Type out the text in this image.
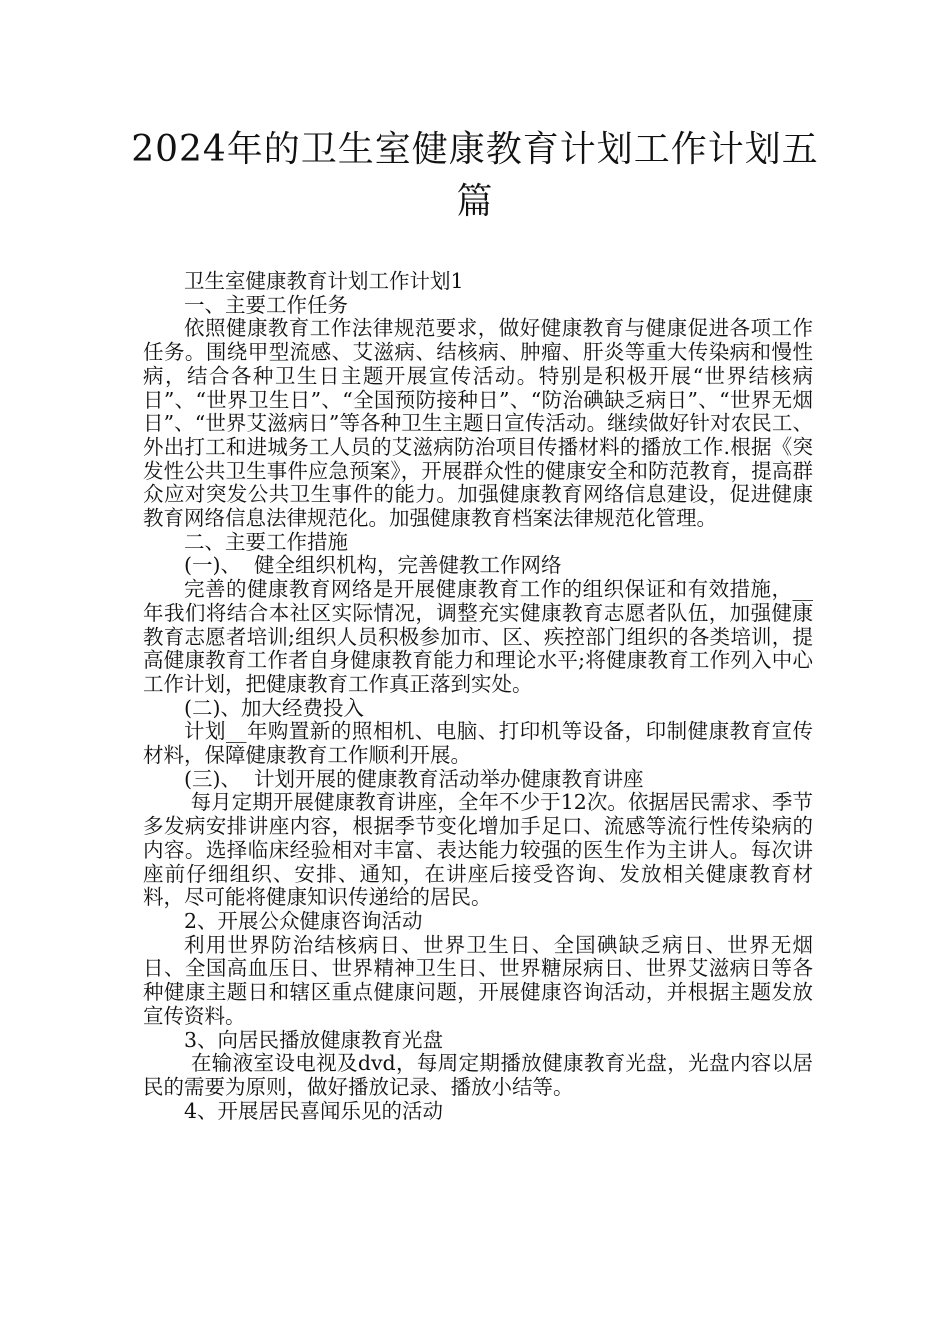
2024年的卫生室健康教育计划工作计划五篇

卫生室健康教育计划工作计划1

一、主要工作任务

依照健康教育工作法律规范要求，做好健康教育与健康促进各项工作任务。围绕甲型流感、艾滋病、结核病、肿瘤、肝炎等重大传染病和慢性病，结合各种卫生日主题开展宣传活动。特别是积极开展“世界结核病日”、“世界卫生日”、“全国预防接种日”、“防治碘缺乏病日”、“世界无烟日”、“世界艾滋病日”等各种卫生主题日宣传活动。继续做好针对农民工、外出打工和进城务工人员的艾滋病防治项目传播材料的播放工作.根据《突发性公共卫生事件应急预案》，开展群众性的健康安全和防范教育，提高群众应对突发公共卫生事件的能力。加强健康教育网络信息建设，促进健康教育网络信息法律规范化。加强健康教育档案法律规范化管理。

二、主要工作措施

(一)、  健全组织机构，完善健教工作网络

完善的健康教育网络是开展健康教育工作的组织保证和有效措施，__年我们将结合本社区实际情况，调整充实健康教育志愿者队伍，加强健康教育志愿者培训;组织人员积极参加市、区、疾控部门组织的各类培训，提高健康教育工作者自身健康教育能力和理论水平;将健康教育工作列入中心工作计划，把健康教育工作真正落到实处。

(二)、加大经费投入

计划__年购置新的照相机、电脑、打印机等设备，印制健康教育宣传材料，保障健康教育工作顺利开展。

(三)、  计划开展的健康教育活动举办健康教育讲座

每月定期开展健康教育讲座，全年不少于12次。依据居民需求、季节多发病安排讲座内容，根据季节变化增加手足口、流感等流行性传染病的内容。选择临床经验相对丰富、表达能力较强的医生作为主讲人。每次讲座前仔细组织、安排、通知，在讲座后接受咨询、发放相关健康教育材料，尽可能将健康知识传递给的居民。

2、开展公众健康咨询活动

利用世界防治结核病日、世界卫生日、全国碘缺乏病日、世界无烟日、全国高血压日、世界精神卫生日、世界糖尿病日、世界艾滋病日等各种健康主题日和辖区重点健康问题，开展健康咨询活动，并根据主题发放宣传资料。

3、向居民播放健康教育光盘

在输液室设电视及dvd，每周定期播放健康教育光盘，光盘内容以居民的需要为原则，做好播放记录、播放小结等。

4、开展居民喜闻乐见的活动
